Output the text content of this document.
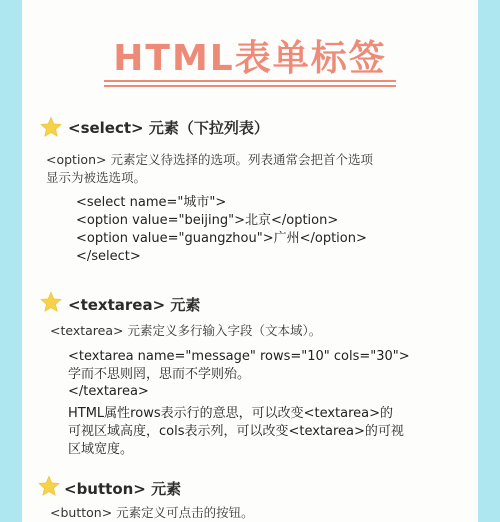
HTML表单标签
<select> 元素（下拉列表）
<option> 元素定义待选择的选项。列表通常会把首个选项
显示为被选选项。
<select name="城市">
<option value="beijing">北京</option>
<option value="guangzhou">广州</option>
</select>
<textarea> 元素
<textarea> 元素定义多行输入字段（文本域）。
<textarea name="message" rows="10" cols="30">
学而不思则罔，思而不学则殆。
</textarea>
HTML属性rows表示行的意思，可以改变<textarea>的
可视区域高度，cols表示列，可以改变<textarea>的可视
区域宽度。
<button> 元素
<button> 元素定义可点击的按钮。
